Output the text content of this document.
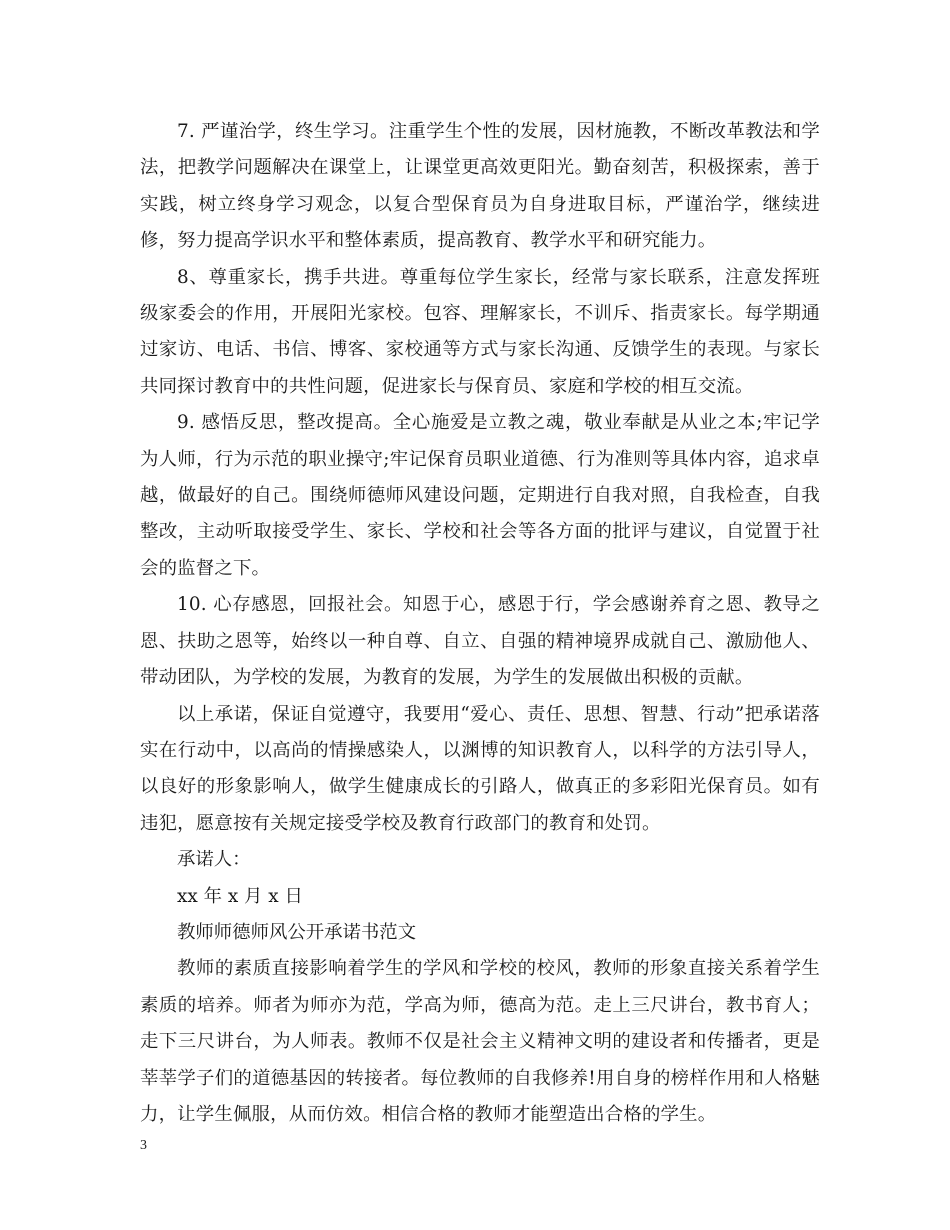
7. 严谨治学，终生学习。注重学生个性的发展，因材施教，不断改革教法和学法，把教学问题解决在课堂上，让课堂更高效更阳光。勤奋刻苦，积极探索，善于实践，树立终身学习观念，以复合型保育员为自身进取目标，严谨治学，继续进修，努力提高学识水平和整体素质，提高教育、教学水平和研究能力。

8、尊重家长，携手共进。尊重每位学生家长，经常与家长联系，注意发挥班级家委会的作用，开展阳光家校。包容、理解家长，不训斥、指责家长。每学期通过家访、电话、书信、博客、家校通等方式与家长沟通、反馈学生的表现。与家长共同探讨教育中的共性问题，促进家长与保育员、家庭和学校的相互交流。

9. 感悟反思，整改提高。全心施爱是立教之魂，敬业奉献是从业之本;牢记学为人师，行为示范的职业操守;牢记保育员职业道德、行为准则等具体内容，追求卓越，做最好的自己。围绕师德师风建设问题，定期进行自我对照，自我检查，自我整改，主动听取接受学生、家长、学校和社会等各方面的批评与建议，自觉置于社会的监督之下。

10. 心存感恩，回报社会。知恩于心，感恩于行，学会感谢养育之恩、教导之恩、扶助之恩等，始终以一种自尊、自立、自强的精神境界成就自己、激励他人、带动团队，为学校的发展，为教育的发展，为学生的发展做出积极的贡献。

以上承诺，保证自觉遵守，我要用“爱心、责任、思想、智慧、行动”把承诺落实在行动中，以高尚的情操感染人，以渊博的知识教育人，以科学的方法引导人，以良好的形象影响人，做学生健康成长的引路人，做真正的多彩阳光保育员。如有违犯，愿意按有关规定接受学校及教育行政部门的教育和处罚。

承诺人：

xx 年 x 月 x 日

教师师德师风公开承诺书范文

教师的素质直接影响着学生的学风和学校的校风，教师的形象直接关系着学生素质的培养。师者为师亦为范，学高为师，德高为范。走上三尺讲台，教书育人；走下三尺讲台，为人师表。教师不仅是社会主义精神文明的建设者和传播者，更是莘莘学子们的道德基因的转接者。每位教师的自我修养!用自身的榜样作用和人格魅力，让学生佩服，从而仿效。相信合格的教师才能塑造出合格的学生。

3
